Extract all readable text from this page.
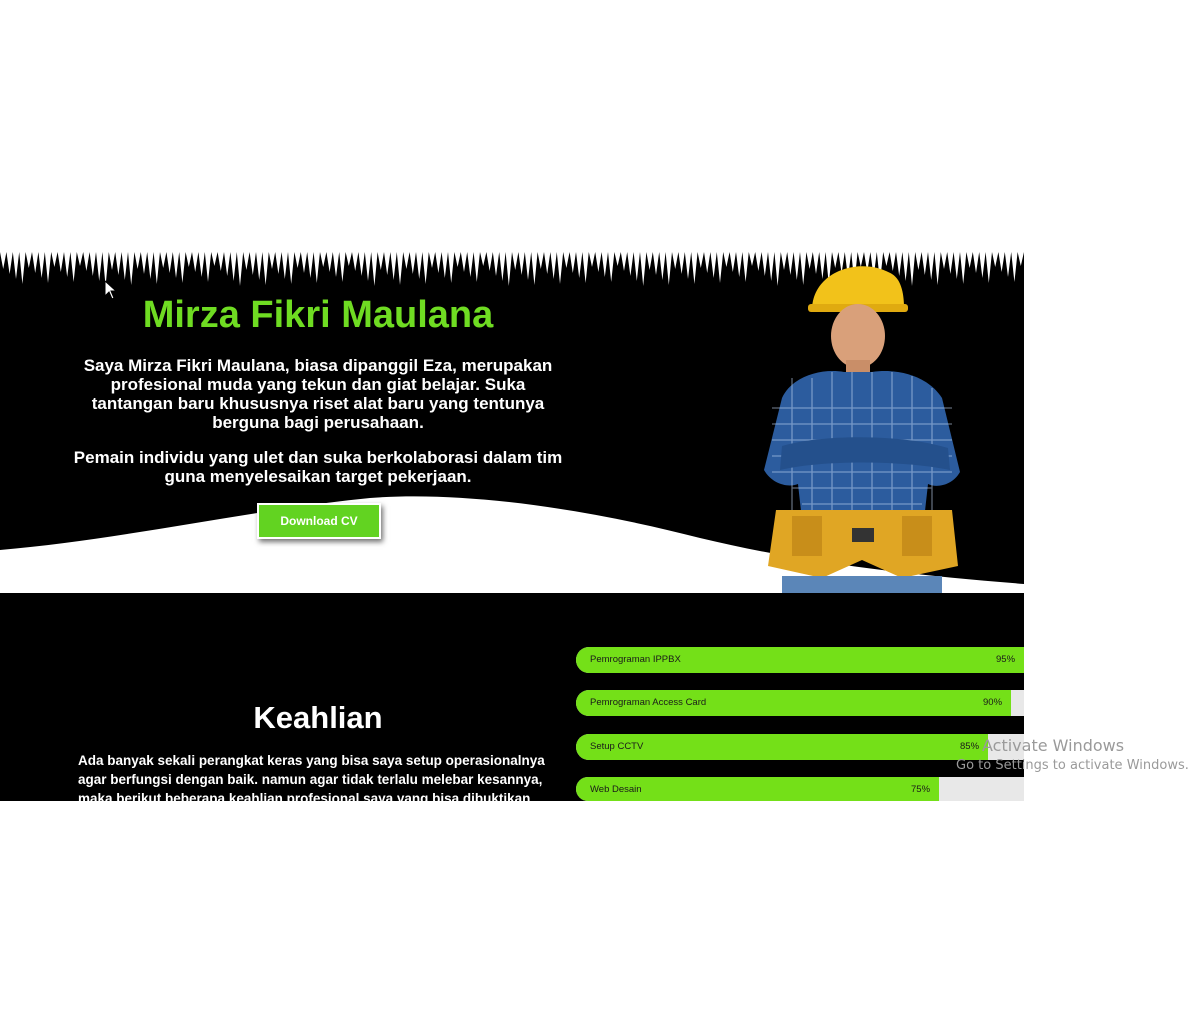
Mirza Fikri Maulana

Saya Mirza Fikri Maulana, biasa dipanggil Eza, merupakan profesional muda yang tekun dan giat belajar. Suka tantangan baru khususnya riset alat baru yang tentunya berguna bagi perusahaan.

Pemain individu yang ulet dan suka berkolaborasi dalam tim guna menyelesaikan target pekerjaan.

Download CV
Keahlian

Ada banyak sekali perangkat keras yang bisa saya setup operasionalnya agar berfungsi dengan baik. namun agar tidak terlalu melebar kesannya, maka berikut beberapa keahlian profesional saya yang bisa dibuktikan

Pemrograman IPPBX	95%
Pemrograman Access Card	90%
Setup CCTV	85%
Web Desain	75%
Activate Windows
Go to Settings to activate Windows.
